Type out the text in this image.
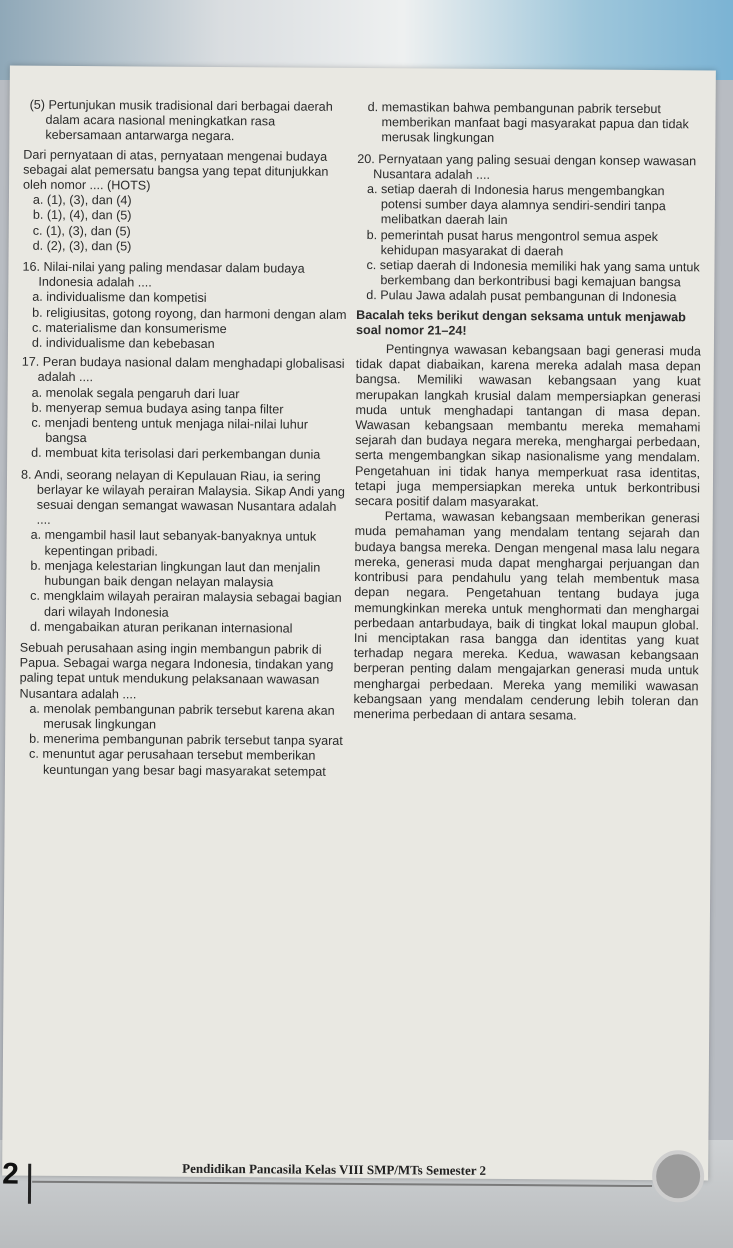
(5) Pertunjukan musik tradisional dari berbagai daerah dalam acara nasional meningkatkan rasa kebersamaan antarwarga negara.

Dari pernyataan di atas, pernyataan mengenai budaya sebagai alat pemersatu bangsa yang tepat ditunjukkan oleh nomor .... (HOTS)

a. (1), (3), dan (4)

b. (1), (4), dan (5)

c. (1), (3), dan (5)

d. (2), (3), dan (5)

16. Nilai-nilai yang paling mendasar dalam budaya Indonesia adalah ....

a. individualisme dan kompetisi

b. religiusitas, gotong royong, dan harmoni dengan alam

c. materialisme dan konsumerisme

d. individualisme dan kebebasan

17. Peran budaya nasional dalam menghadapi globalisasi adalah ....

a. menolak segala pengaruh dari luar

b. menyerap semua budaya asing tanpa filter

c. menjadi benteng untuk menjaga nilai-nilai luhur bangsa

d. membuat kita terisolasi dari perkembangan dunia

8. Andi, seorang nelayan di Kepulauan Riau, ia sering berlayar ke wilayah perairan Malaysia. Sikap Andi yang sesuai dengan semangat wawasan Nusantara adalah ....

a. mengambil hasil laut sebanyak-banyaknya untuk kepentingan pribadi.

b. menjaga kelestarian lingkungan laut dan menjalin hubungan baik dengan nelayan malaysia

c. mengklaim wilayah perairan malaysia sebagai bagian dari wilayah Indonesia

d. mengabaikan aturan perikanan internasional

Sebuah perusahaan asing ingin membangun pabrik di Papua. Sebagai warga negara Indonesia, tindakan yang paling tepat untuk mendukung pelaksanaan wawasan Nusantara adalah ....

a. menolak pembangunan pabrik tersebut karena akan merusak lingkungan

b. menerima pembangunan pabrik tersebut tanpa syarat

c. menuntut agar perusahaan tersebut memberikan keuntungan yang besar bagi masyarakat setempat

d. memastikan bahwa pembangunan pabrik tersebut memberikan manfaat bagi masyarakat papua dan tidak merusak lingkungan

20. Pernyataan yang paling sesuai dengan konsep wawasan Nusantara adalah ....

a. setiap daerah di Indonesia harus mengembangkan potensi sumber daya alamnya sendiri-sendiri tanpa melibatkan daerah lain

b. pemerintah pusat harus mengontrol semua aspek kehidupan masyarakat di daerah

c. setiap daerah di Indonesia memiliki hak yang sama untuk berkembang dan berkontribusi bagi kemajuan bangsa

d. Pulau Jawa adalah pusat pembangunan di Indonesia

Bacalah teks berikut dengan seksama untuk menjawab soal nomor 21–24!

Pentingnya wawasan kebangsaan bagi generasi muda tidak dapat diabaikan, karena mereka adalah masa depan bangsa. Memiliki wawasan kebangsaan yang kuat merupakan langkah krusial dalam mempersiapkan generasi muda untuk menghadapi tantangan di masa depan. Wawasan kebangsaan membantu mereka memahami sejarah dan budaya negara mereka, menghargai perbedaan, serta mengembangkan sikap nasionalisme yang mendalam. Pengetahuan ini tidak hanya memperkuat rasa identitas, tetapi juga mempersiapkan mereka untuk berkontribusi secara positif dalam masyarakat.

Pertama, wawasan kebangsaan memberikan generasi muda pemahaman yang mendalam tentang sejarah dan budaya bangsa mereka. Dengan mengenal masa lalu negara mereka, generasi muda dapat menghargai perjuangan dan kontribusi para pendahulu yang telah membentuk masa depan negara. Pengetahuan tentang budaya juga memungkinkan mereka untuk menghormati dan menghargai perbedaan antarbudaya, baik di tingkat lokal maupun global. Ini menciptakan rasa bangga dan identitas yang kuat terhadap negara mereka. Kedua, wawasan kebangsaan berperan penting dalam mengajarkan generasi muda untuk menghargai perbedaan. Mereka yang memiliki wawasan kebangsaan yang mendalam cenderung lebih toleran dan menerima perbedaan di antara sesama.

2	Pendidikan Pancasila Kelas VIII SMP/MTs Semester 2
